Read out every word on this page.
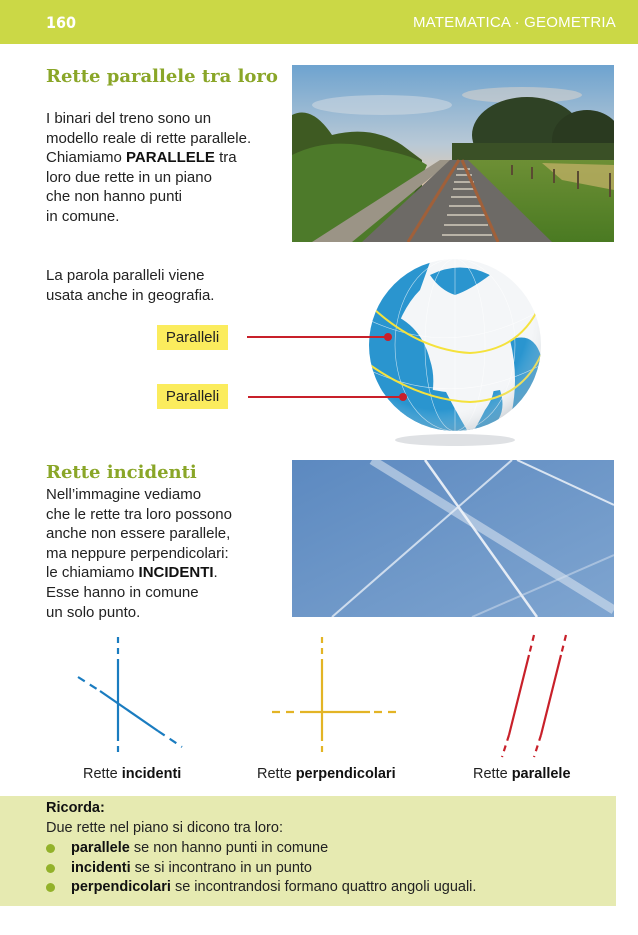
160	MATEMATICA · GEOMETRIA
Rette parallele tra loro
I binari del treno sono un
modello reale di rette parallele.
Chiamiamo PARALLELE tra
loro due rette in un piano
che non hanno punti
in comune.
La parola paralleli viene
usata anche in geografia.
Paralleli
Paralleli
Rette incidenti
Nell’immagine vediamo
che le rette tra loro possono
anche non essere parallele,
ma neppure perpendicolari:
le chiamiamo INCIDENTI.
Esse hanno in comune
un solo punto.
Rette incidenti	Rette perpendicolari	Rette parallele
Ricorda:
Due rette nel piano si dicono tra loro:
parallele se non hanno punti in comune
incidenti se si incontrano in un punto
perpendicolari se incontrandosi formano quattro angoli uguali.
